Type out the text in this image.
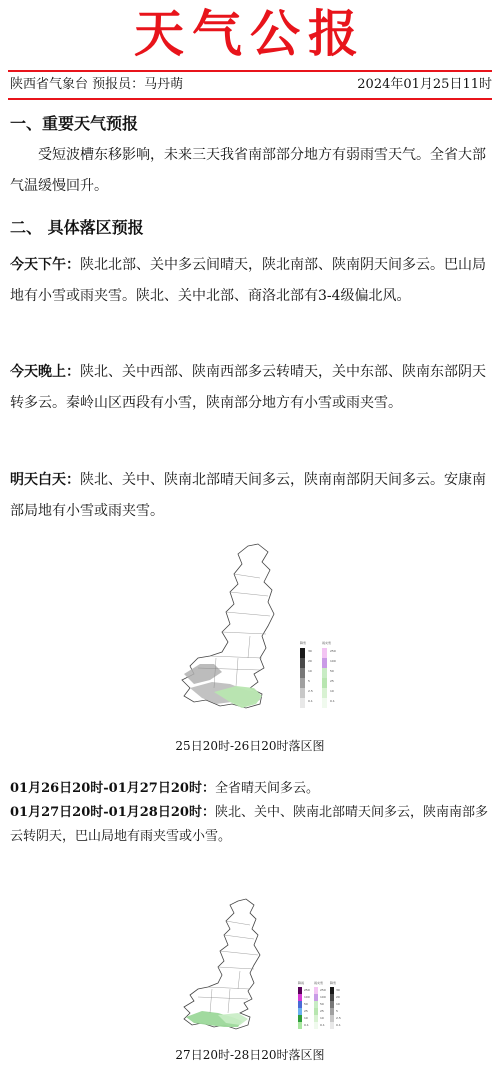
天气公报
陕西省气象台 预报员：马丹萌	2024年01月25日11时
一、重要天气预报

受短波槽东移影响，未来三天我省南部部分地方有弱雨雪天气。全省大部气温缓慢回升。

二、 具体落区预报

今天下午：陕北北部、关中多云间晴天，陕北南部、陕南阴天间多云。巴山局地有小雪或雨夹雪。陕北、关中北部、商洛北部有3-4级偏北风。

今天晚上：陕北、关中西部、陕南西部多云转晴天，关中东部、陕南东部阴天转多云。秦岭山区西段有小雪，陕南部分地方有小雪或雨夹雪。

明天白天：陕北、关中、陕南北部晴天间多云，陕南南部阴天间多云。安康南部局地有小雪或雨夹雪。

降雪
30
20
10
5
2.5
0.1
雨夹雪
250
100
50
25
10
0.1
25日20时-26日20时落区图

01月26日20时-01月27日20时：全省晴天间多云。

01月27日20时-01月28日20时：陕北、关中、陕南北部晴天间多云，陕南南部多云转阴天，巴山局地有雨夹雪或小雪。

降雨
250
100
50
25
10
0.1
雨夹雪
250
100
50
25
10
0.1
降雪
30
20
10
5
2.5
0.1
27日20时-28日20时落区图
